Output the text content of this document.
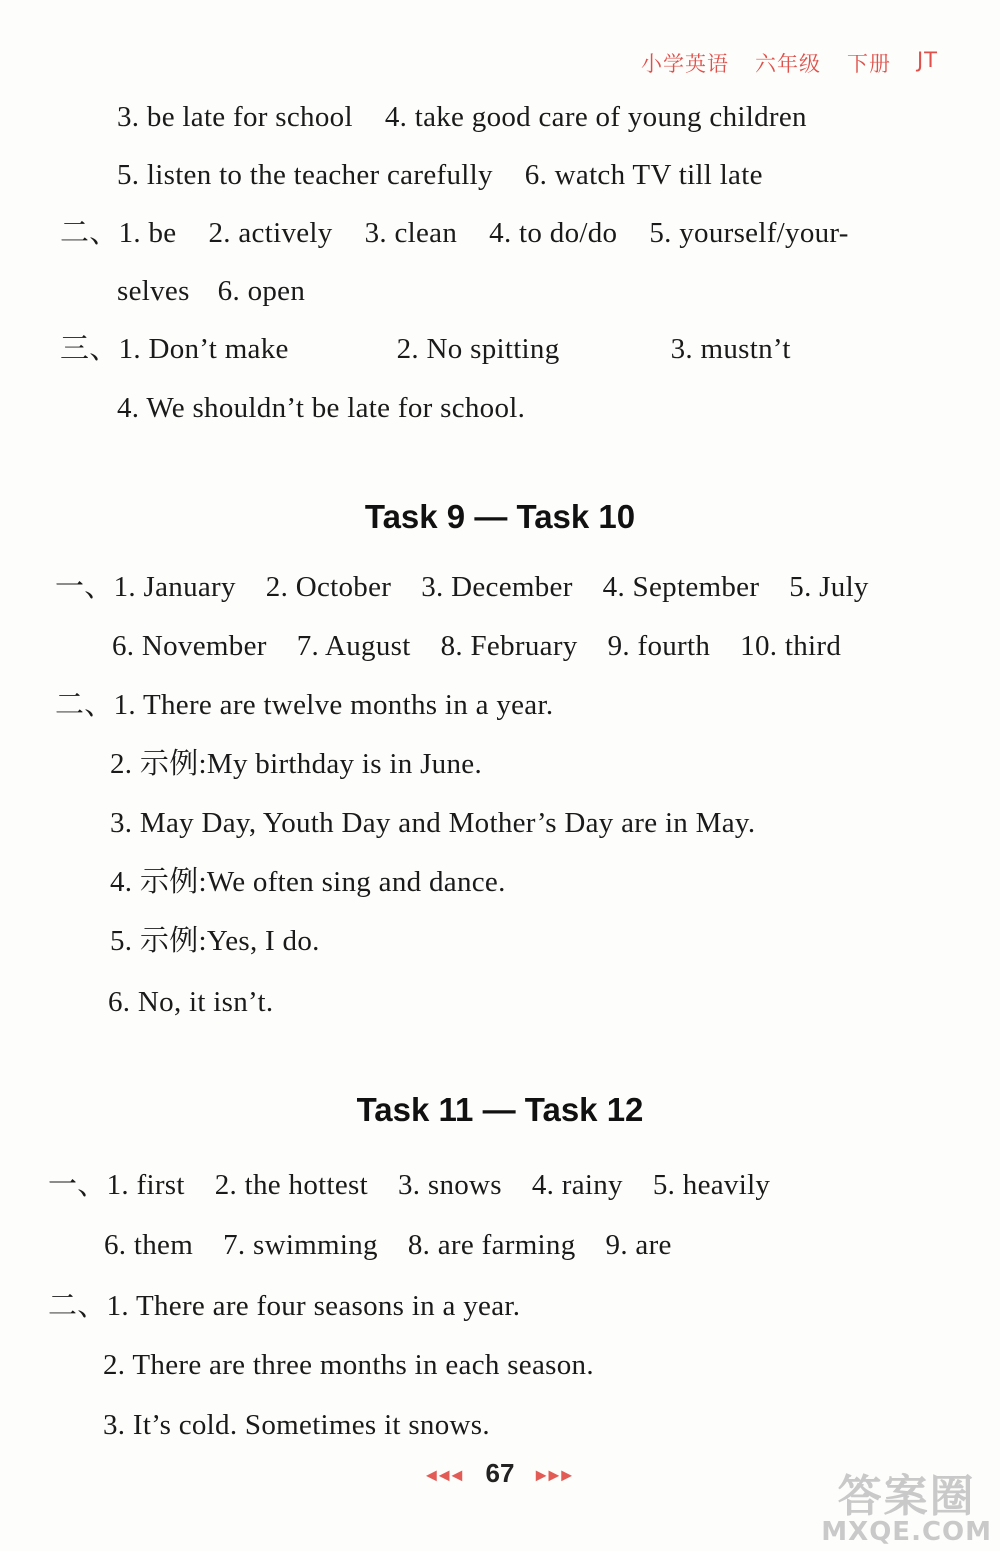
小学英语 六年级 下册 JT
3. be late for school 4. take good care of young children
5. listen to the teacher carefully 6. watch TV till late
二、1. be 2. actively 3. clean 4. to do/do 5. yourself/your-
selves 6. open
三、1. Don’t make	2. No spitting	3. mustn’t
4. We shouldn’t be late for school.
Task 9 — Task 10
一、1. January 2. October 3. December 4. September 5. July
6. November 7. August 8. February 9. fourth 10. third
二、1. There are twelve months in a year.
2. 示例:My birthday is in June.
3. May Day, Youth Day and Mother’s Day are in May.
4. 示例:We often sing and dance.
5. 示例:Yes, I do.
6. No, it isn’t.
Task 11 — Task 12
一、1. first 2. the hottest 3. snows 4. rainy 5. heavily
6. them 7. swimming 8. are farming 9. are
二、1. There are four seasons in a year.
2. There are three months in each season.
3. It’s cold. Sometimes it snows.
◀◀◀ 67 ▶▶▶	答案圈
MXQE.COM
